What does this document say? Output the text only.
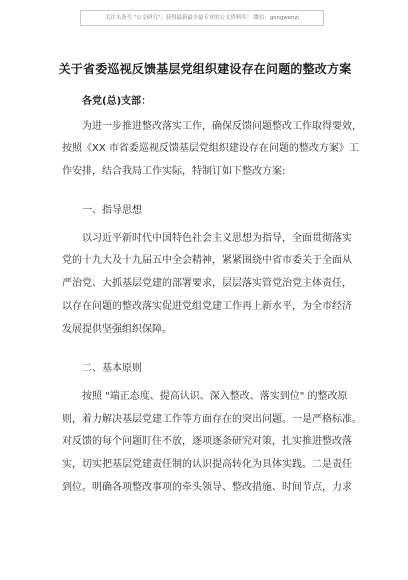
关注头条号 "公文研究"，获得最新最全最专业的公文资料库！ 微信：gongwenzj
关于省委巡视反馈基层党组织建设存在问题的整改方案
各党(总)支部：
为进一步推进整改落实工作，确保反馈问题整改工作取得要效，
按照《XX 市省委巡视反馈基层党组织建设存在问题的整改方案》工
作安排，结合我局工作实际，特制订如下整改方案:
一、指导思想
以习近平新时代中国特色社会主义思想为指导，全面贯彻落实
党的十九大及十九届五中全会精神，紧紧围绕中省市委关于全面从
严治党、大抓基层党建的部署要求，层层落实管党治党主体责任，
以存在问题的整改落实促进党组党建工作再上新水平，为全市经济
发展提供坚强组织保障。
二、基本原则
按照 "端正态度、提高认识、深入整改、落实到位" 的整改原
则，着力解决基层党建工作等方面存在的突出问题。一是严格标准。
对反馈的每个问题盯住不放，逐项逐条研究对策，扎实推进整改落
实，切实把基层党建责任制的认识提高转化为具体实践。二是责任
到位。明确各项整改事项的牵头领导、整改措施、时间节点，力求
